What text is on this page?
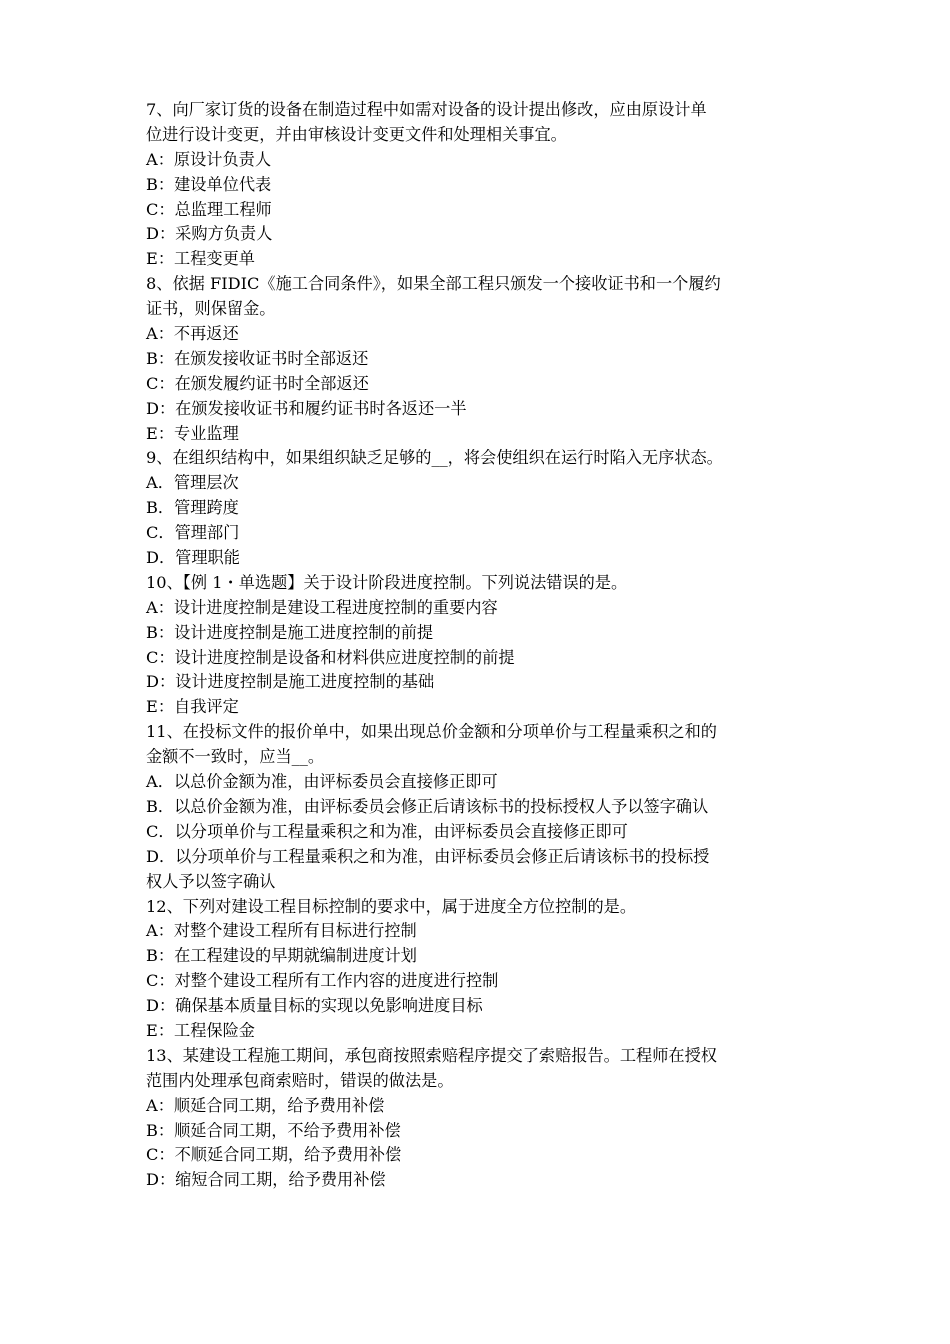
7、向厂家订货的设备在制造过程中如需对设备的设计提出修改，应由原设计单
位进行设计变更，并由审核设计变更文件和处理相关事宜。
A：原设计负责人
B：建设单位代表
C：总监理工程师
D：采购方负责人
E：工程变更单
8、依据 FIDIC《施工合同条件》，如果全部工程只颁发一个接收证书和一个履约
证书，则保留金。
A：不再返还
B：在颁发接收证书时全部返还
C：在颁发履约证书时全部返还
D：在颁发接收证书和履约证书时各返还一半
E：专业监理
9、在组织结构中，如果组织缺乏足够的__，将会使组织在运行时陷入无序状态。
A．管理层次
B．管理跨度
C．管理部门
D．管理职能
10、【例 1・单选题】关于设计阶段进度控制。下列说法错误的是。
A：设计进度控制是建设工程进度控制的重要内容
B：设计进度控制是施工进度控制的前提
C：设计进度控制是设备和材料供应进度控制的前提
D：设计进度控制是施工进度控制的基础
E：自我评定
11、在投标文件的报价单中，如果出现总价金额和分项单价与工程量乘积之和的
金额不一致时，应当__。
A．以总价金额为准，由评标委员会直接修正即可
B．以总价金额为准，由评标委员会修正后请该标书的投标授权人予以签字确认
C．以分项单价与工程量乘积之和为准，由评标委员会直接修正即可
D．以分项单价与工程量乘积之和为准，由评标委员会修正后请该标书的投标授
权人予以签字确认
12、下列对建设工程目标控制的要求中，属于进度全方位控制的是。
A：对整个建设工程所有目标进行控制
B：在工程建设的早期就编制进度计划
C：对整个建设工程所有工作内容的进度进行控制
D：确保基本质量目标的实现以免影响进度目标
E：工程保险金
13、某建设工程施工期间，承包商按照索赔程序提交了索赔报告。工程师在授权
范围内处理承包商索赔时，错误的做法是。
A：顺延合同工期，给予费用补偿
B：顺延合同工期，不给予费用补偿
C：不顺延合同工期，给予费用补偿
D：缩短合同工期，给予费用补偿
